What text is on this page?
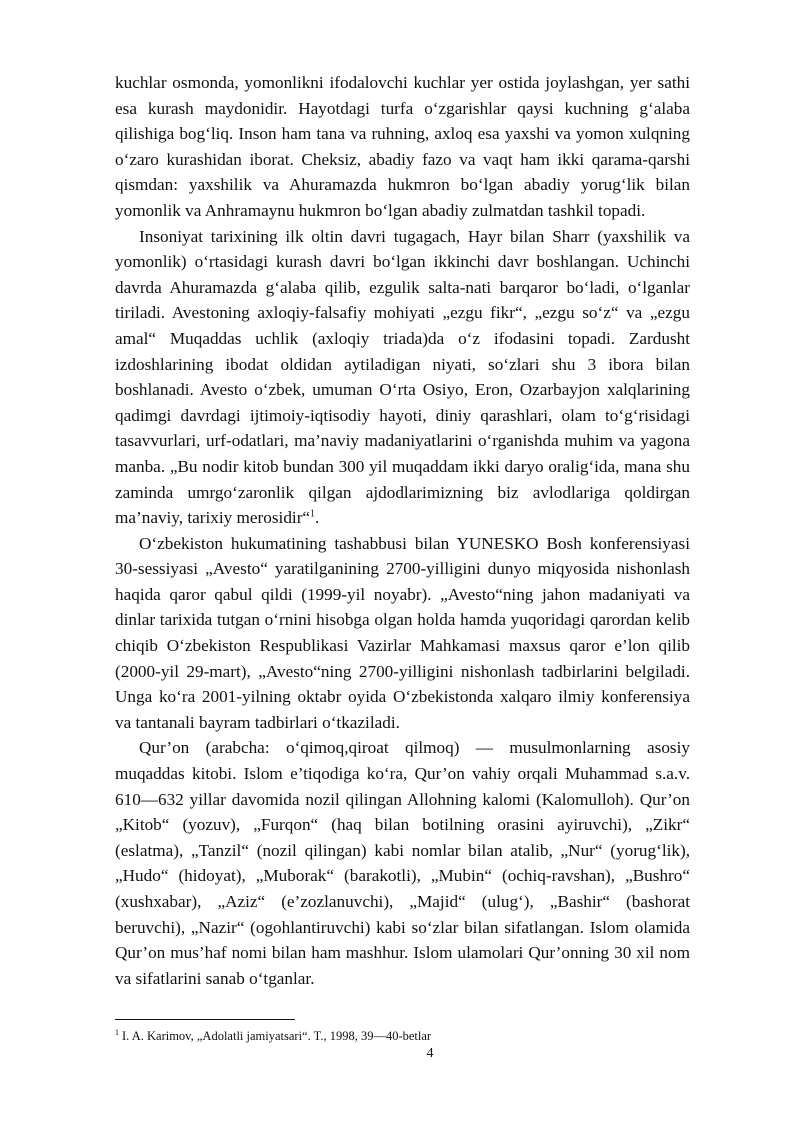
kuchlar osmonda, yomonlikni ifodalovchi kuchlar yer ostida joylashgan, yer sathi esa kurash maydonidir. Hayotdagi turfa o‘zgarishlar qaysi kuchning g‘alaba qilishiga bog‘liq. Inson ham tana va ruhning, axloq esa yaxshi va yomon xulqning o‘zaro kurashidan iborat. Cheksiz, abadiy fazo va vaqt ham ikki qarama-qarshi qismdan: yaxshilik va Ahuramazda hukmron bo‘lgan abadiy yorug‘lik bilan yomonlik va Anhramaynu hukmron bo‘lgan abadiy zulmatdan tashkil topadi.

Insoniyat tarixining ilk oltin davri tugagach, Hayr bilan Sharr (yaxshilik va yomonlik) o‘rtasidagi kurash davri bo‘lgan ikkinchi davr boshlangan. Uchinchi davrda Ahuramazda g‘alaba qilib, ezgulik salta-nati barqaror bo‘ladi, o‘lganlar tiriladi. Avestoning axloqiy-falsafiy mohiyati „ezgu fikr“, „ezgu so‘z“ va „ezgu amal“ Muqaddas uchlik (axloqiy triada)da o‘z ifodasini topadi. Zardusht izdoshlarining ibodat oldidan aytiladigan niyati, so‘zlari shu 3 ibora bilan boshlanadi. Avesto o‘zbek, umuman O‘rta Osiyo, Eron, Ozarbayjon xalqlarining qadimgi davrdagi ijtimoiy-iqtisodiy hayoti, diniy qarashlari, olam to‘g‘risidagi tasavvurlari, urf-odatlari, ma’naviy madaniyatlarini o‘rganishda muhim va yagona manba. „Bu nodir kitob bundan 300 yil muqaddam ikki daryo oralig‘ida, mana shu zaminda umrgo‘zaronlik qilgan ajdodlarimizning biz avlodlariga qoldirgan ma’naviy, tarixiy merosidir“$^1$.

O‘zbekiston hukumatining tashabbusi bilan YUNESKO Bosh konferensiyasi 30-sessiyasi „Avesto“ yaratilganining 2700-yilligini dunyo miqyosida nishonlash haqida qaror qabul qildi (1999-yil noyabr). „Avesto“ning jahon madaniyati va dinlar tarixida tutgan o‘rnini hisobga olgan holda hamda yuqoridagi qarordan kelib chiqib O‘zbekiston Respublikasi Vazirlar Mahkamasi maxsus qaror e’lon qilib (2000-yil 29-mart), „Avesto“ning 2700-yilligini nishonlash tadbirlarini belgiladi. Unga ko‘ra 2001-yilning oktabr oyida O‘zbekistonda xalqaro ilmiy konferensiya va tantanali bayram tadbirlari o‘tkaziladi.

Qur’on (arabcha: o‘qimoq,qiroat qilmoq) — musulmonlarning asosiy muqaddas kitobi. Islom e’tiqodiga ko‘ra, Qur’on vahiy orqali Muhammad s.a.v. 610—632 yillar davomida nozil qilingan Allohning kalomi (Kalomulloh). Qur’on „Kitob“ (yozuv), „Furqon“ (haq bilan botilning orasini ayiruvchi), „Zikr“ (eslatma), „Tanzil“ (nozil qilingan) kabi nomlar bilan atalib, „Nur“ (yorug‘lik), „Hudo“ (hidoyat), „Muborak“ (barakotli), „Mubin“ (ochiq-ravshan), „Bushro“ (xushxabar), „Aziz“ (e’zozlanuvchi), „Majid“ (ulug‘), „Bashir“ (bashorat beruvchi), „Nazir“ (ogohlantiruvchi) kabi so‘zlar bilan sifatlangan. Islom olamida Qur’on mus’haf nomi bilan ham mashhur. Islom ulamolari Qur’onning 30 xil nom va sifatlarini sanab o‘tganlar.

$^1$ I. A. Karimov, „Adolatli jamiyatsari“. T., 1998, 39—40-betlar
4
